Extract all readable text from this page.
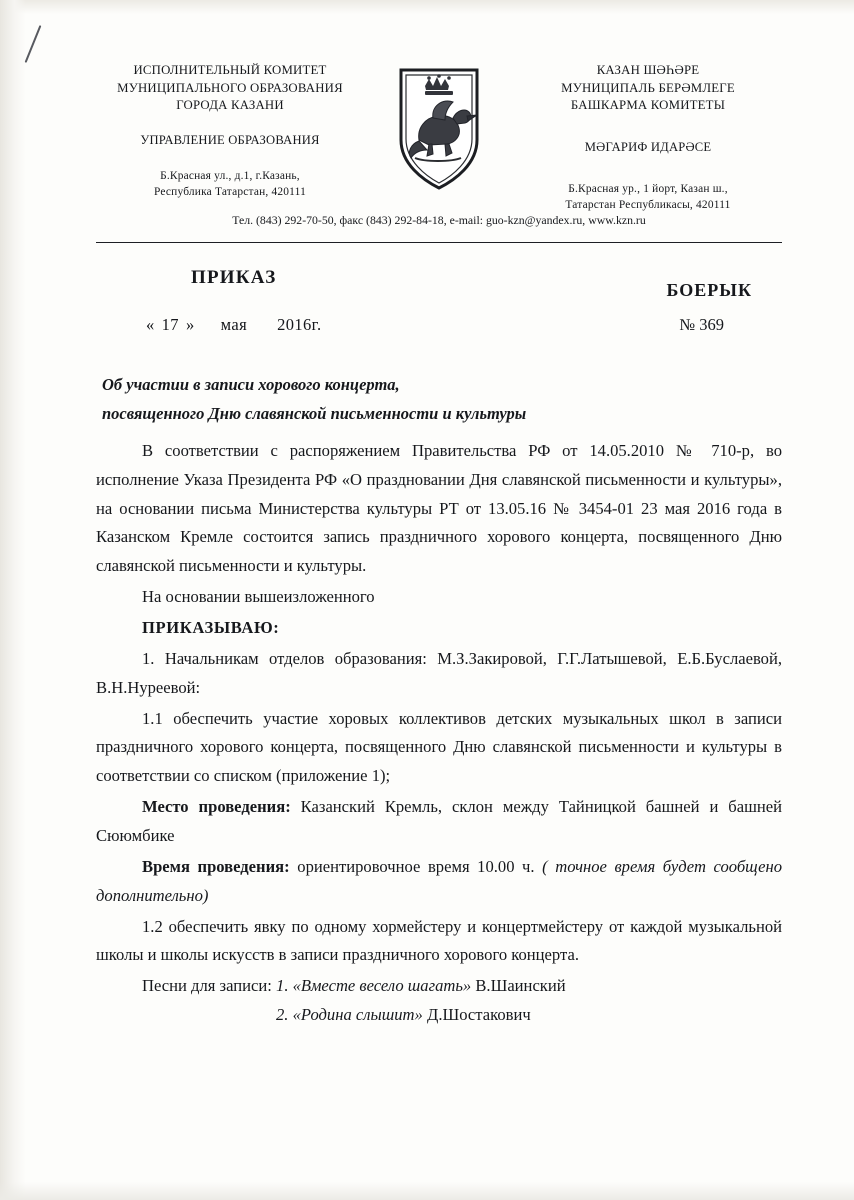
ИСПОЛНИТЕЛЬНЫЙ КОМИТЕТ
МУНИЦИПАЛЬНОГО ОБРАЗОВАНИЯ
ГОРОДА КАЗАНИ
УПРАВЛЕНИЕ ОБРАЗОВАНИЯ
Б.Красная ул., д.1, г.Казань,
Республика Татарстан, 420111
КАЗАН ШӘҺӘРЕ
МУНИЦИПАЛЬ БЕРӘМЛЕГЕ
БАШКАРМА КОМИТЕТЫ
МӘГАРИФ ИДАРӘСЕ
Б.Красная ур., 1 йорт, Казан ш.,
Татарстан Республикасы, 420111
Тел. (843) 292-70-50, факс (843) 292-84-18, e-mail: guo-kzn@yandex.ru, www.kzn.ru
ПРИКАЗ
БОЕРЫК
« 17 » мая 2016г.	№ 369
Об участии в записи хорового концерта,
посвященного Дню славянской письменности и культуры

В соответствии с распоряжением Правительства РФ от 14.05.2010 № 710-р, во исполнение Указа Президента РФ «О праздновании Дня славянской письменности и культуры», на основании письма Министерства культуры РТ от 13.05.16 № 3454-01 23 мая 2016 года в Казанском Кремле состоится запись праздничного хорового концерта, посвященного Дню славянской письменности и культуры.

На основании вышеизложенного

ПРИКАЗЫВАЮ:

1. Начальникам отделов образования: М.З.Закировой, Г.Г.Латышевой, Е.Б.Буслаевой, В.Н.Нуреевой:

1.1 обеспечить участие хоровых коллективов детских музыкальных школ в записи праздничного хорового концерта, посвященного Дню славянской письменности и культуры в соответствии со списком (приложение 1);

Место проведения: Казанский Кремль, склон между Тайницкой башней и башней Сююмбике

Время проведения: ориентировочное время 10.00 ч. ( точное время будет сообщено дополнительно)

1.2 обеспечить явку по одному хормейстеру и концертмейстеру от каждой музыкальной школы и школы искусств в записи праздничного хорового концерта.

Песни для записи: 1. «Вместе весело шагать» В.Шаинский

2. «Родина слышит» Д.Шостакович
